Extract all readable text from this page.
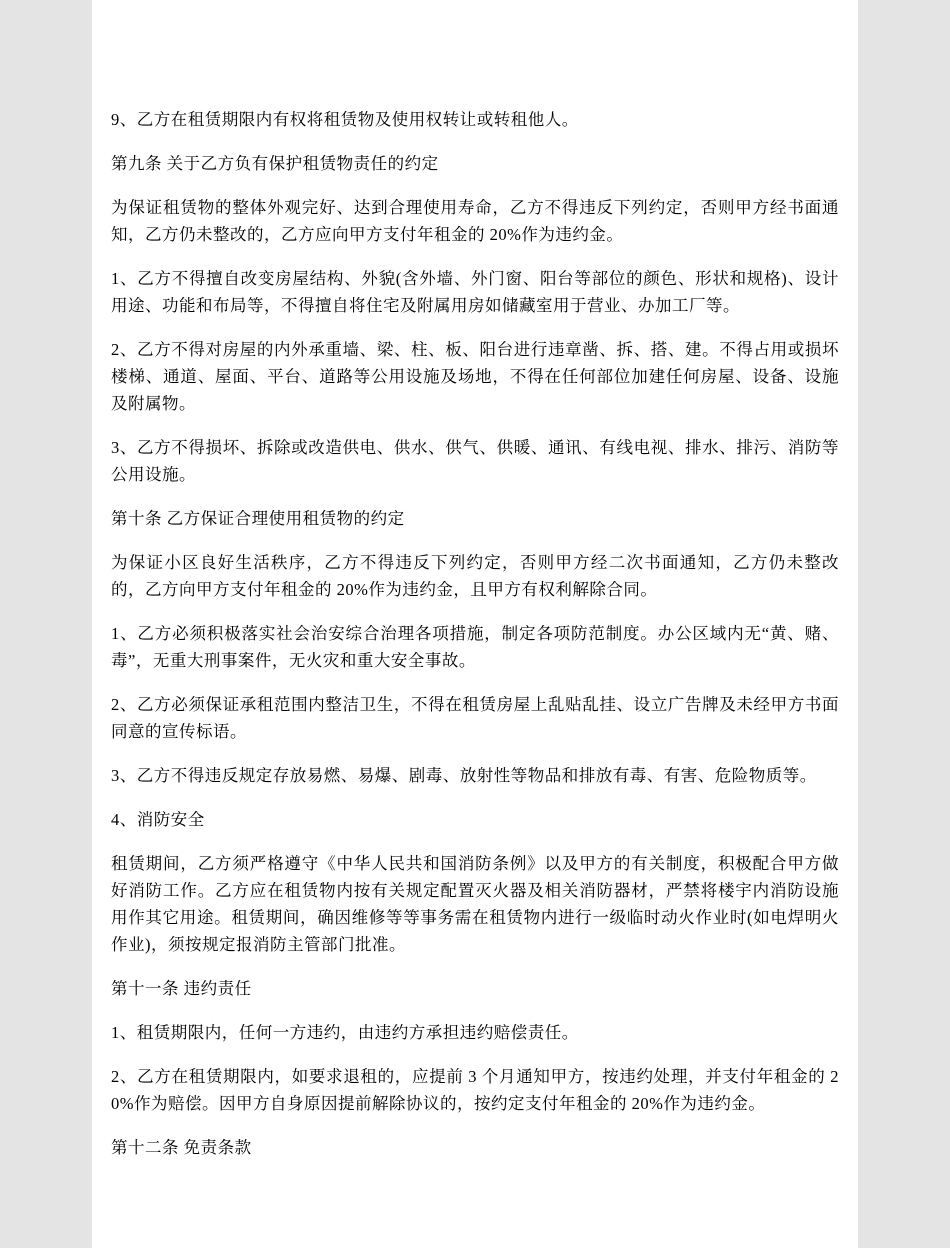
9、乙方在租赁期限内有权将租赁物及使用权转让或转租他人。

第九条 关于乙方负有保护租赁物责任的约定

为保证租赁物的整体外观完好、达到合理使用寿命，乙方不得违反下列约定，否则甲方经书面通知，乙方仍未整改的，乙方应向甲方支付年租金的 20%作为违约金。

1、乙方不得擅自改变房屋结构、外貌(含外墙、外门窗、阳台等部位的颜色、形状和规格)、设计用途、功能和布局等，不得擅自将住宅及附属用房如储藏室用于营业、办加工厂等。

2、乙方不得对房屋的内外承重墙、梁、柱、板、阳台进行违章凿、拆、搭、建。不得占用或损坏楼梯、通道、屋面、平台、道路等公用设施及场地，不得在任何部位加建任何房屋、设备、设施及附属物。

3、乙方不得损坏、拆除或改造供电、供水、供气、供暖、通讯、有线电视、排水、排污、消防等公用设施。

第十条 乙方保证合理使用租赁物的约定

为保证小区良好生活秩序，乙方不得违反下列约定，否则甲方经二次书面通知，乙方仍未整改的，乙方向甲方支付年租金的 20%作为违约金，且甲方有权利解除合同。

1、乙方必须积极落实社会治安综合治理各项措施，制定各项防范制度。办公区域内无“黄、赌、毒”，无重大刑事案件，无火灾和重大安全事故。

2、乙方必须保证承租范围内整洁卫生，不得在租赁房屋上乱贴乱挂、设立广告牌及未经甲方书面同意的宣传标语。

3、乙方不得违反规定存放易燃、易爆、剧毒、放射性等物品和排放有毒、有害、危险物质等。

4、消防安全

租赁期间，乙方须严格遵守《中华人民共和国消防条例》以及甲方的有关制度，积极配合甲方做好消防工作。乙方应在租赁物内按有关规定配置灭火器及相关消防器材，严禁将楼宇内消防设施用作其它用途。租赁期间，确因维修等等事务需在租赁物内进行一级临时动火作业时(如电焊明火作业)，须按规定报消防主管部门批准。

第十一条 违约责任

1、租赁期限内，任何一方违约，由违约方承担违约赔偿责任。

2、乙方在租赁期限内，如要求退租的，应提前 3 个月通知甲方，按违约处理，并支付年租金的 20%作为赔偿。因甲方自身原因提前解除协议的，按约定支付年租金的 20%作为违约金。

第十二条 免责条款
